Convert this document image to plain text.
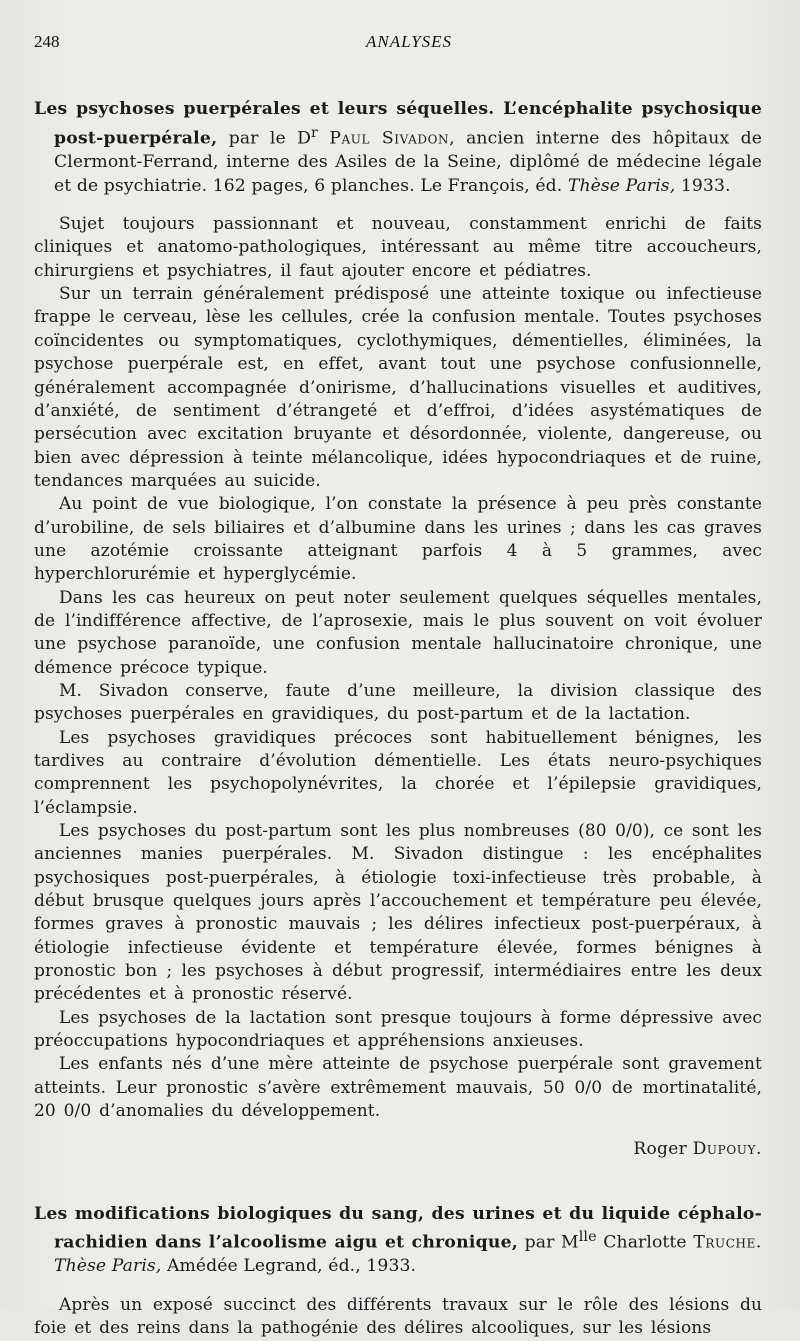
248	ANALYSES

Les psychoses puerpérales et leurs séquelles. L’encéphalite psychosique post-puerpérale, par le $D^r$ Paul Sivadon, ancien interne des hôpitaux de Clermont-Ferrand, interne des Asiles de la Seine, diplômé de médecine légale et de psychiatrie. 162 pages, 6 planches. Le François, éd. Thèse Paris, 1933.

Sujet toujours passionnant et nouveau, constamment enrichi de faits cliniques et anatomo-pathologiques, intéressant au même titre accoucheurs, chirurgiens et psychiatres, il faut ajouter encore et pédiatres.

Sur un terrain généralement prédisposé une atteinte toxique ou infectieuse frappe le cerveau, lèse les cellules, crée la confusion mentale. Toutes psychoses coïncidentes ou symptomatiques, cyclothymiques, démentielles, éliminées, la psychose puerpérale est, en effet, avant tout une psychose confusionnelle, généralement accompagnée d’onirisme, d’hallucinations visuelles et auditives, d’anxiété, de sentiment d’étrangeté et d’effroi, d’idées asystématiques de persécution avec excitation bruyante et désordonnée, violente, dangereuse, ou bien avec dépression à teinte mélancolique, idées hypocondriaques et de ruine, tendances marquées au suicide.

Au point de vue biologique, l’on constate la présence à peu près constante d’urobiline, de sels biliaires et d’albumine dans les urines ; dans les cas graves une azotémie croissante atteignant parfois 4 à 5 grammes, avec hyperchlorurémie et hyperglycémie.

Dans les cas heureux on peut noter seulement quelques séquelles mentales, de l’indifférence affective, de l’aprosexie, mais le plus souvent on voit évoluer une psychose paranoïde, une confusion mentale hallucinatoire chronique, une démence précoce typique.

M. Sivadon conserve, faute d’une meilleure, la division classique des psychoses puerpérales en gravidiques, du post-partum et de la lactation.

Les psychoses gravidiques précoces sont habituellement bénignes, les tardives au contraire d’évolution démentielle. Les états neuro-psychiques comprennent les psychopolynévrites, la chorée et l’épilepsie gravidiques, l’éclampsie.

Les psychoses du post-partum sont les plus nombreuses (80 0/0), ce sont les anciennes manies puerpérales. M. Sivadon distingue : les encéphalites psychosiques post-puerpérales, à étiologie toxi-infectieuse très probable, à début brusque quelques jours après l’accouchement et température peu élevée, formes graves à pronostic mauvais ; les délires infectieux post-puerpéraux, à étiologie infectieuse évidente et température élevée, formes bénignes à pronostic bon ; les psychoses à début progressif, intermédiaires entre les deux précédentes et à pronostic réservé.

Les psychoses de la lactation sont presque toujours à forme dépressive avec préoccupations hypocondriaques et appréhensions anxieuses.

Les enfants nés d’une mère atteinte de psychose puerpérale sont gravement atteints. Leur pronostic s’avère extrêmement mauvais, 50 0/0 de mortinatalité, 20 0/0 d’anomalies du développement.

Roger Dupouy.

Les modifications biologiques du sang, des urines et du liquide céphalo-rachidien dans l’alcoolisme aigu et chronique, par $M^{lle}$ Charlotte Truche. Thèse Paris, Amédée Legrand, éd., 1933.

Après un exposé succinct des différents travaux sur le rôle des lésions du foie et des reins dans la pathogénie des délires alcooliques, sur les lésions
